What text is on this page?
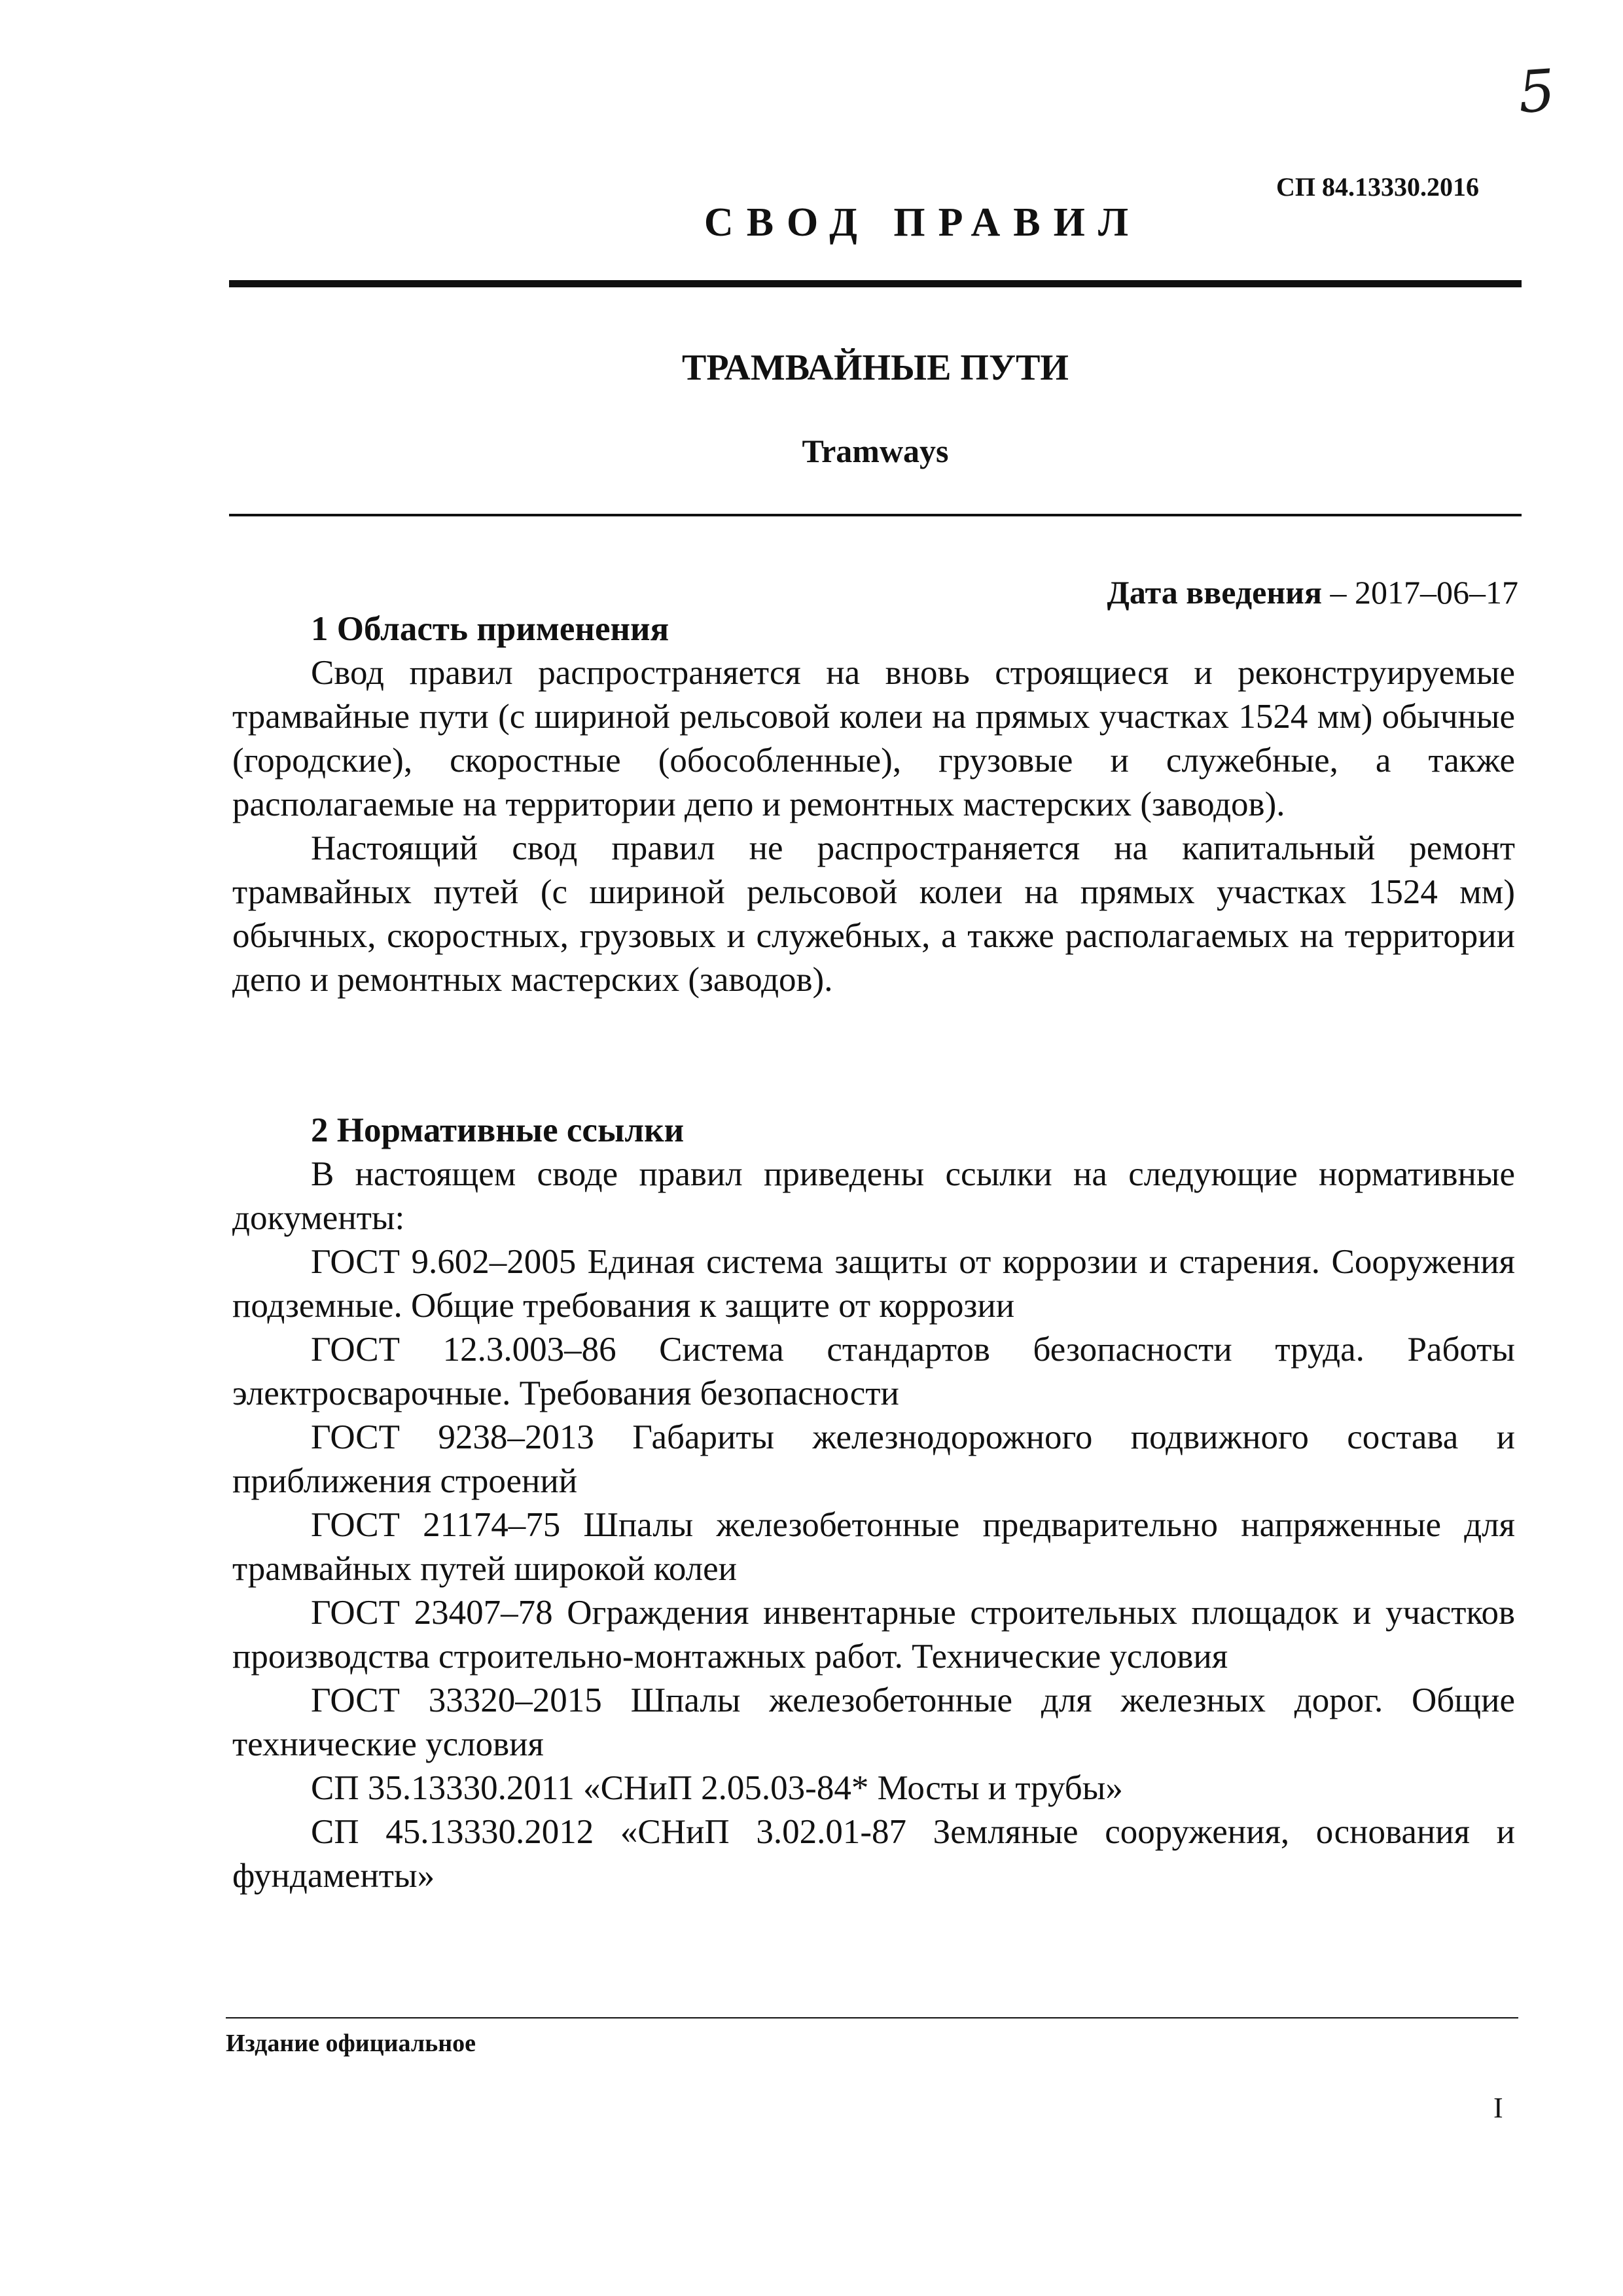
5
СП 84.13330.2016
СВОД ПРАВИЛ
ТРАМВАЙНЫЕ ПУТИ
Tramways
Дата введения – 2017–06–17
1 Область применения

Свод правил распространяется на вновь строящиеся и реконструируемые трамвайные пути (с шириной рельсовой колеи на прямых участках 1524 мм) обычные (городские), скоростные (обособленные), грузовые и служебные, а также располагаемые на территории депо и ремонтных мастерских (заводов).

Настоящий свод правил не распространяется на капитальный ремонт трамвайных путей (с шириной рельсовой колеи на прямых участках 1524 мм) обычных, скоростных, грузовых и служебных, а также располагаемых на территории депо и ремонтных мастерских (заводов).

2 Нормативные ссылки

В настоящем своде правил приведены ссылки на следующие нормативные документы:

ГОСТ 9.602–2005 Единая система защиты от коррозии и старения. Сооружения подземные. Общие требования к защите от коррозии

ГОСТ 12.3.003–86 Система стандартов безопасности труда. Работы электросварочные. Требования безопасности

ГОСТ 9238–2013 Габариты железнодорожного подвижного состава и приближения строений

ГОСТ 21174–75 Шпалы железобетонные предварительно напряженные для трамвайных путей широкой колеи

ГОСТ 23407–78 Ограждения инвентарные строительных площадок и участков производства строительно-монтажных работ. Технические условия

ГОСТ 33320–2015 Шпалы железобетонные для железных дорог. Общие технические условия

СП 35.13330.2011 «СНиП 2.05.03-84* Мосты и трубы»

СП 45.13330.2012 «СНиП 3.02.01-87 Земляные сооружения, основания и фундаменты»

Издание официальное
I
